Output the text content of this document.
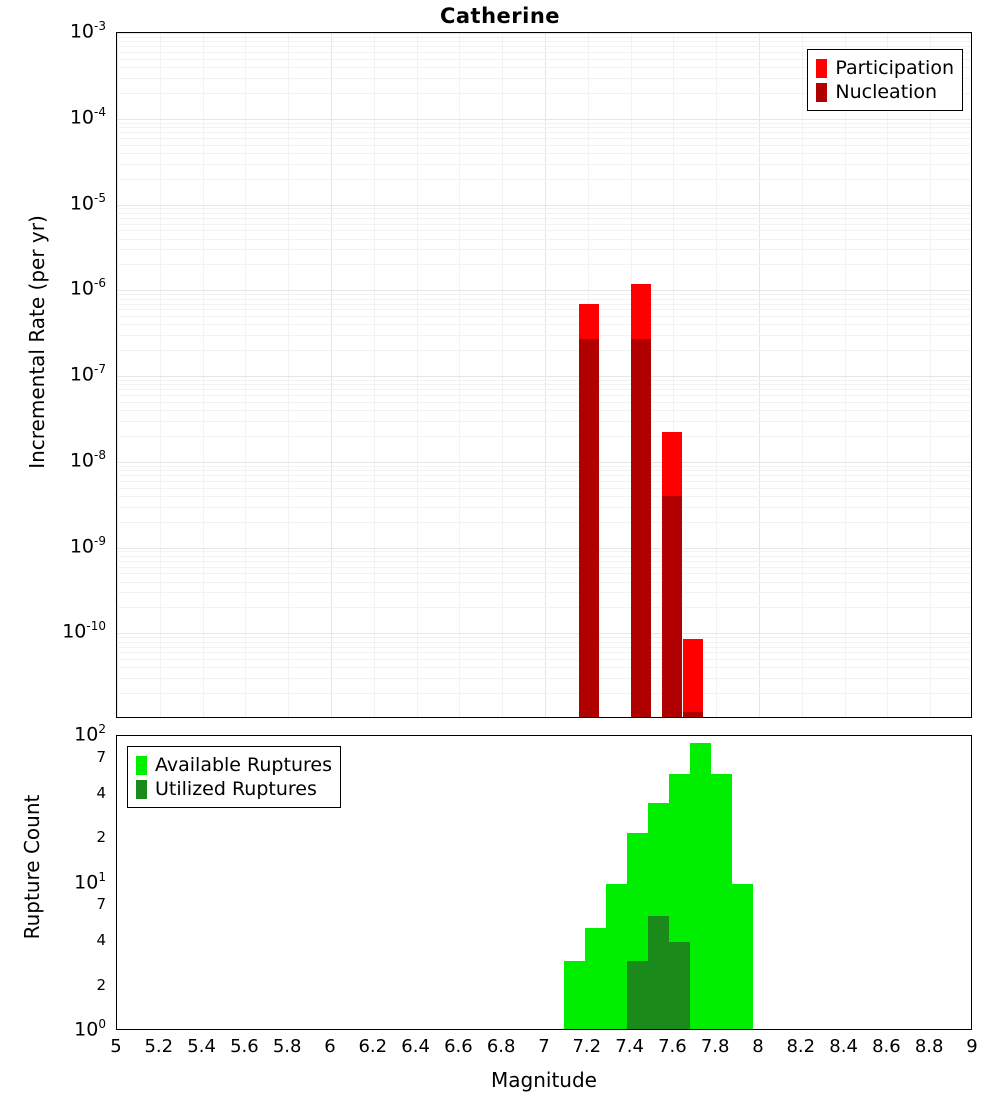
Catherine
Participation
Nucleation
$10^{-10}$
$10^{-9}$
$10^{-8}$
$10^{-7}$
$10^{-6}$
$10^{-5}$
$10^{-4}$
$10^{-3}$
Incremental Rate (per yr)
Available Ruptures
Utilized Ruptures
$10^0$
2
4
7
$10^1$
2
4
7
$10^2$
Rupture Count
5	5.2 5.4 5.6 5.8	6	6.2 6.4 6.6 6.8	7	7.2 7.4 7.6 7.8	8	8.2 8.4 8.6 8.8	9
Magnitude
